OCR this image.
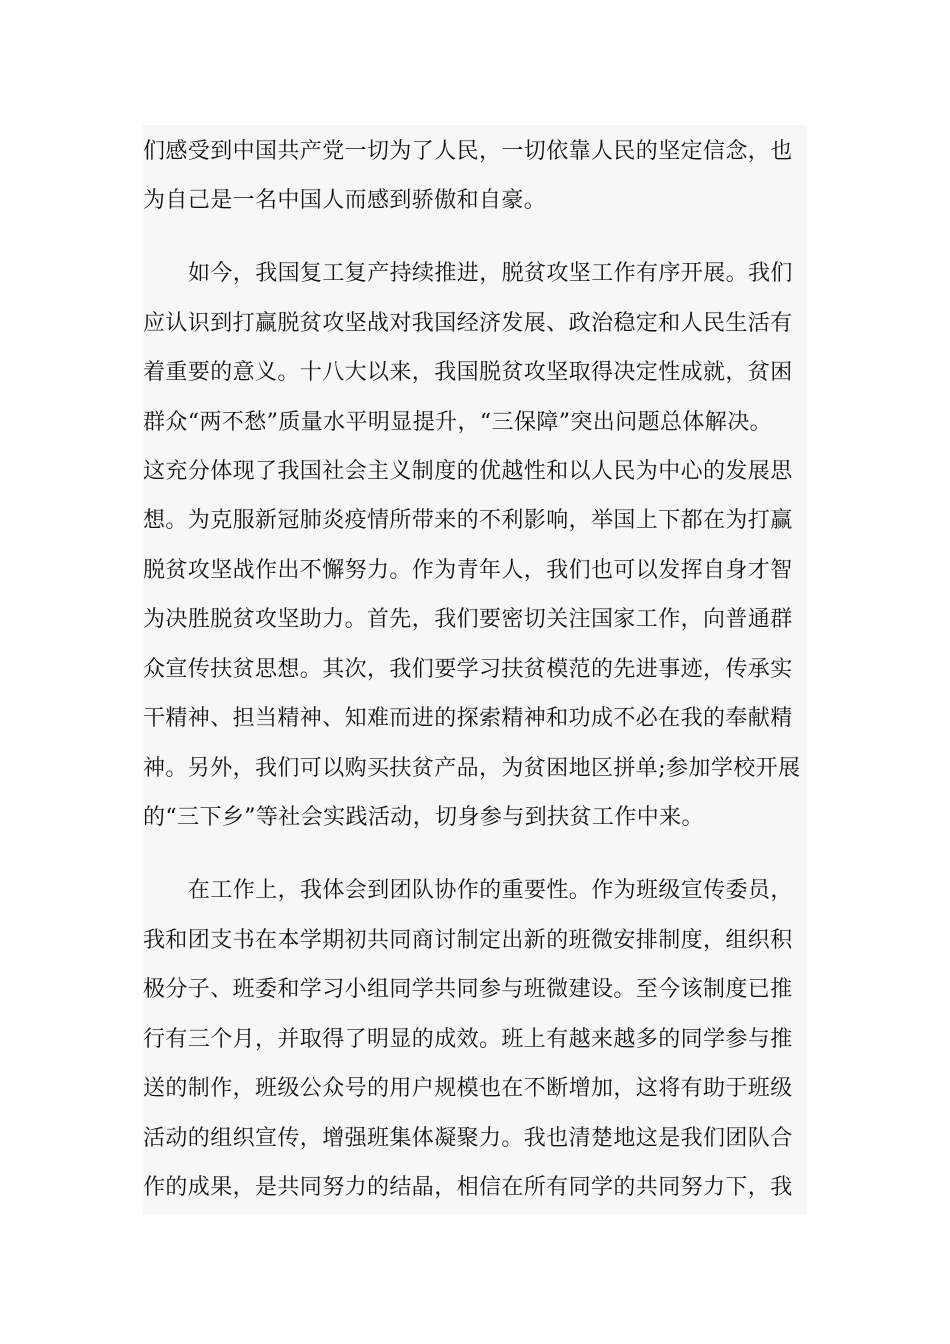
们感受到中国共产党一切为了人民，一切依靠人民的坚定信念，也

为自己是一名中国人而感到骄傲和自豪。

如今，我国复工复产持续推进，脱贫攻坚工作有序开展。我们

应认识到打赢脱贫攻坚战对我国经济发展、政治稳定和人民生活有

着重要的意义。十八大以来，我国脱贫攻坚取得决定性成就，贫困

群众“两不愁”质量水平明显提升，“三保障”突出问题总体解决。

这充分体现了我国社会主义制度的优越性和以人民为中心的发展思

想。为克服新冠肺炎疫情所带来的不利影响，举国上下都在为打赢

脱贫攻坚战作出不懈努力。作为青年人，我们也可以发挥自身才智

为决胜脱贫攻坚助力。首先，我们要密切关注国家工作，向普通群

众宣传扶贫思想。其次，我们要学习扶贫模范的先进事迹，传承实

干精神、担当精神、知难而进的探索精神和功成不必在我的奉献精

神。另外，我们可以购买扶贫产品，为贫困地区拼单;参加学校开展

的“三下乡”等社会实践活动，切身参与到扶贫工作中来。

在工作上，我体会到团队协作的重要性。作为班级宣传委员，

我和团支书在本学期初共同商讨制定出新的班微安排制度，组织积

极分子、班委和学习小组同学共同参与班微建设。至今该制度已推

行有三个月，并取得了明显的成效。班上有越来越多的同学参与推

送的制作，班级公众号的用户规模也在不断增加，这将有助于班级

活动的组织宣传，增强班集体凝聚力。我也清楚地这是我们团队合

作的成果，是共同努力的结晶，相信在所有同学的共同努力下，我
